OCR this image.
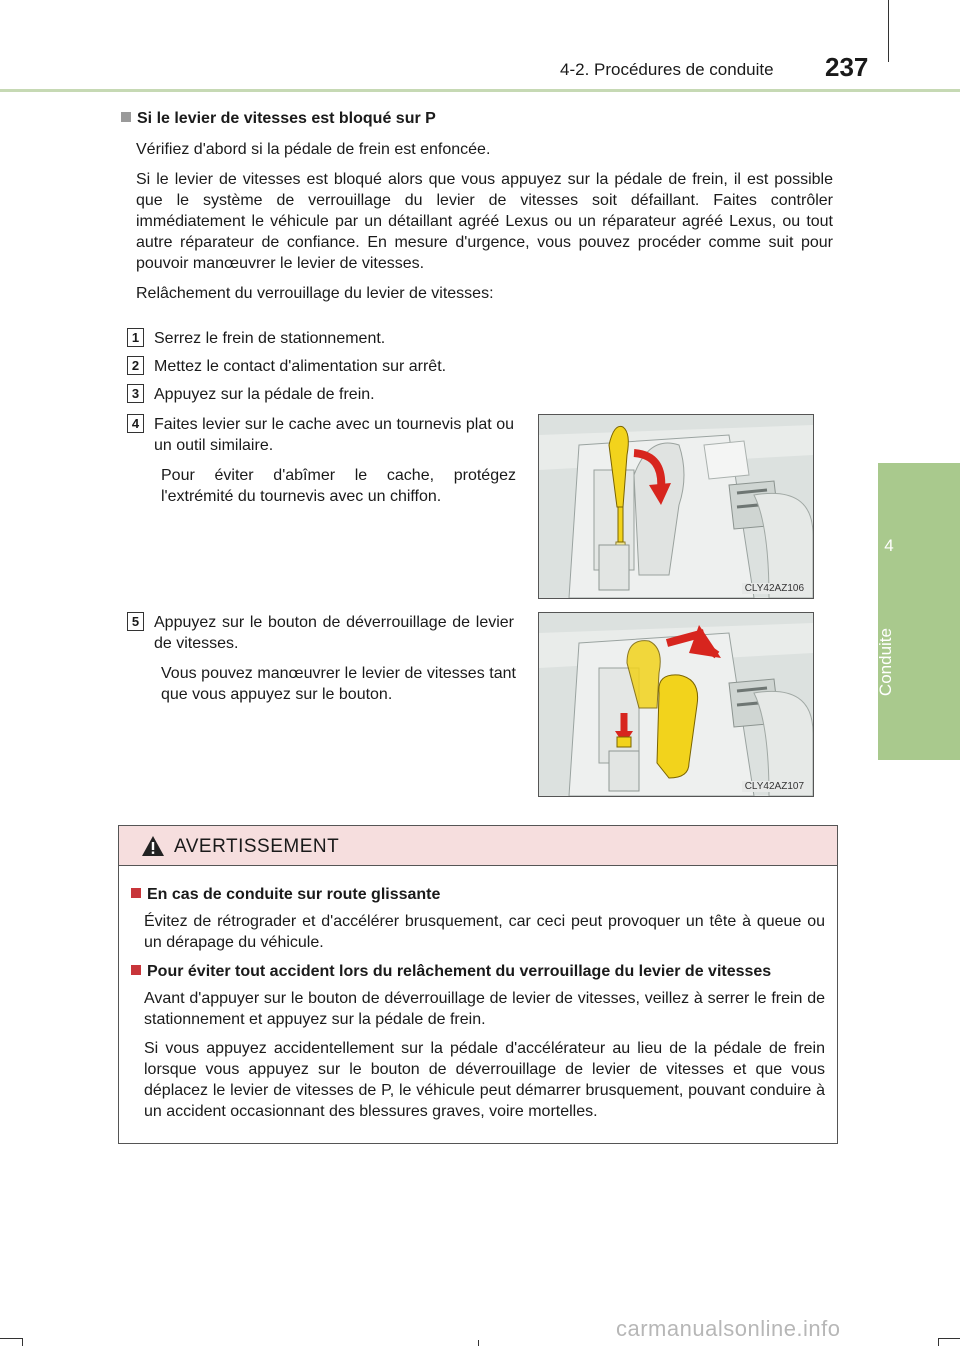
4-2. Procédures de conduite 237
4
Conduite
Si le levier de vitesses est bloqué sur P

Vérifiez d'abord si la pédale de frein est enfoncée.

Si le levier de vitesses est bloqué alors que vous appuyez sur la pédale de frein, il est possible que le système de verrouillage du levier de vitesses soit défaillant. Faites contrôler immédiatement le véhicule par un détaillant agréé Lexus ou un réparateur agréé Lexus, ou tout autre réparateur de confiance. En mesure d'urgence, vous pouvez procéder comme suit pour pouvoir manœuvrer le levier de vitesses.

Relâchement du verrouillage du levier de vitesses:

1 Serrez le frein de stationnement.
2 Mettez le contact d'alimentation sur arrêt.
3 Appuyez sur la pédale de frein.
4 Faites levier sur le cache avec un tournevis plat ou un outil similaire.
Pour éviter d'abîmer le cache, protégez l'extrémité du tournevis avec un chiffon.
5 Appuyez sur le bouton de déverrouillage de levier de vitesses.
Vous pouvez manœuvrer le levier de vitesses tant que vous appuyez sur le bouton.
CLY42AZ106
CLY42AZ107
AVERTISSEMENT
En cas de conduite sur route glissante

Évitez de rétrograder et d'accélérer brusquement, car ceci peut provoquer un tête à queue ou un dérapage du véhicule.

Pour éviter tout accident lors du relâchement du verrouillage du levier de vitesses

Avant d'appuyer sur le bouton de déverrouillage de levier de vitesses, veillez à serrer le frein de stationnement et appuyez sur la pédale de frein.

Si vous appuyez accidentellement sur la pédale d'accélérateur au lieu de la pédale de frein lorsque vous appuyez sur le bouton de déverrouillage de levier de vitesses et que vous déplacez le levier de vitesses de P, le véhicule peut démarrer brusquement, pouvant conduire à un accident occasionnant des blessures graves, voire mortelles.

carmanualsonline.info
